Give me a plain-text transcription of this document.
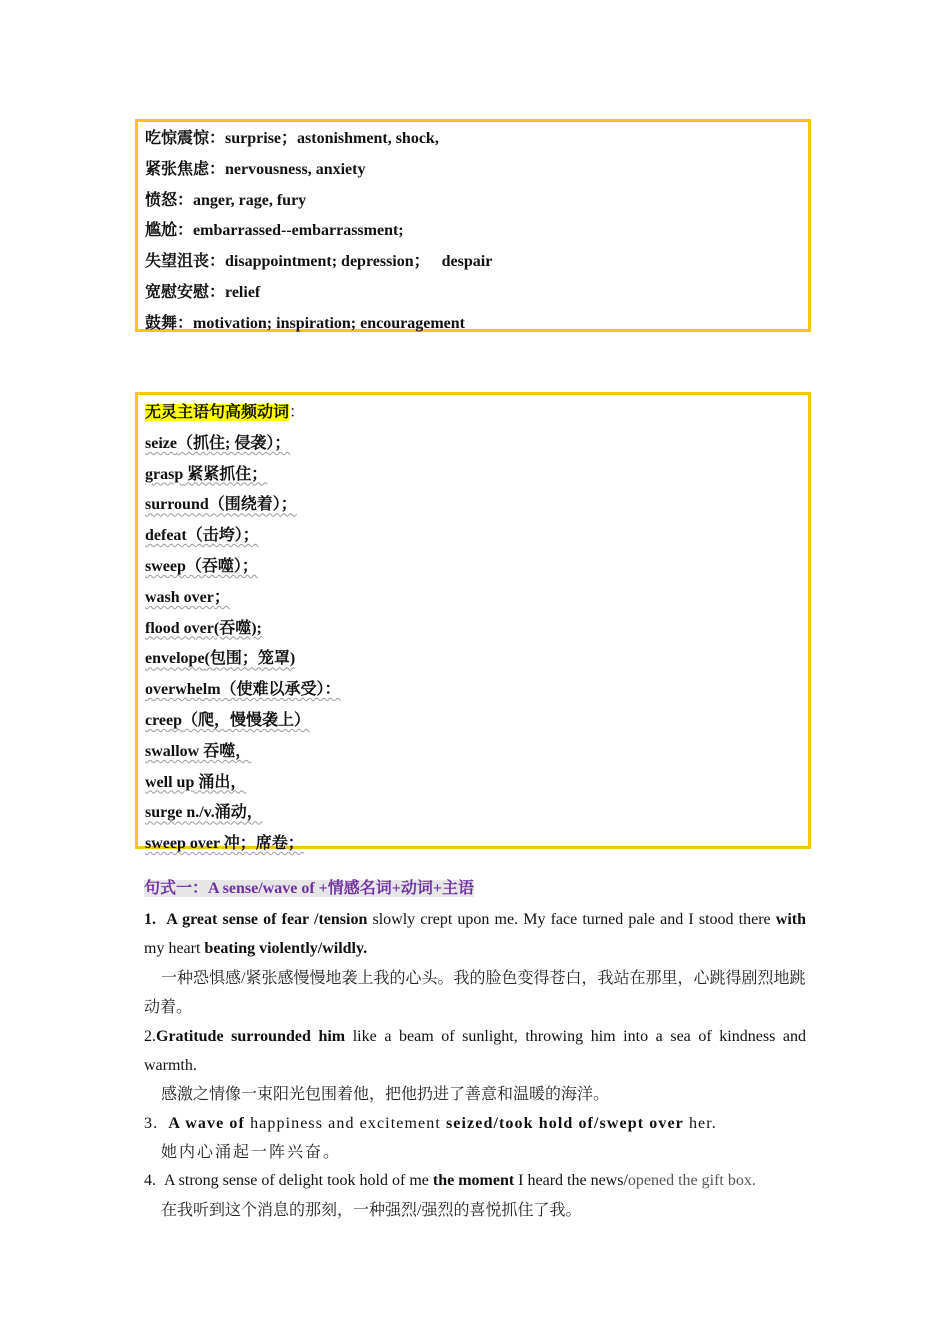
吃惊震惊：surprise；astonishment, shock,
紧张焦虑：nervousness, anxiety
愤怒：anger, rage, fury
尴尬：embarrassed--embarrassment;
失望沮丧：disappointment; depression；   despair
宽慰安慰：relief
鼓舞：motivation; inspiration; encouragement
无灵主语句高频动词：
seize（抓住; 侵袭）；
grasp 紧紧抓住；
surround（围绕着）；
defeat（击垮）；
sweep（吞噬）；
wash over；
flood over(吞噬);
envelope(包围；笼罩)
overwhelm（使难以承受）：
creep（爬，慢慢袭上）
swallow 吞噬，
well up 涌出，
surge n./v.涌动，
sweep over 冲；席卷；
句式一：A sense/wave of +情感名词+动词+主语
1. A great sense of fear /tension slowly crept upon me. My face turned pale and I stood there with my heart beating violently/wildly.
一种恐惧感/紧张感慢慢地袭上我的心头。我的脸色变得苍白，我站在那里，心跳得剧烈地跳动着。
2.Gratitude surrounded him like a beam of sunlight, throwing him into a sea of kindness and warmth.
感激之情像一束阳光包围着他，把他扔进了善意和温暖的海洋。
3. A wave of happiness and excitement seized/took hold of/swept over her.
她内心涌起一阵兴奋。
4. A strong sense of delight took hold of me the moment I heard the news/opened the gift box.
在我听到这个消息的那刻，一种强烈/强烈的喜悦抓住了我。
